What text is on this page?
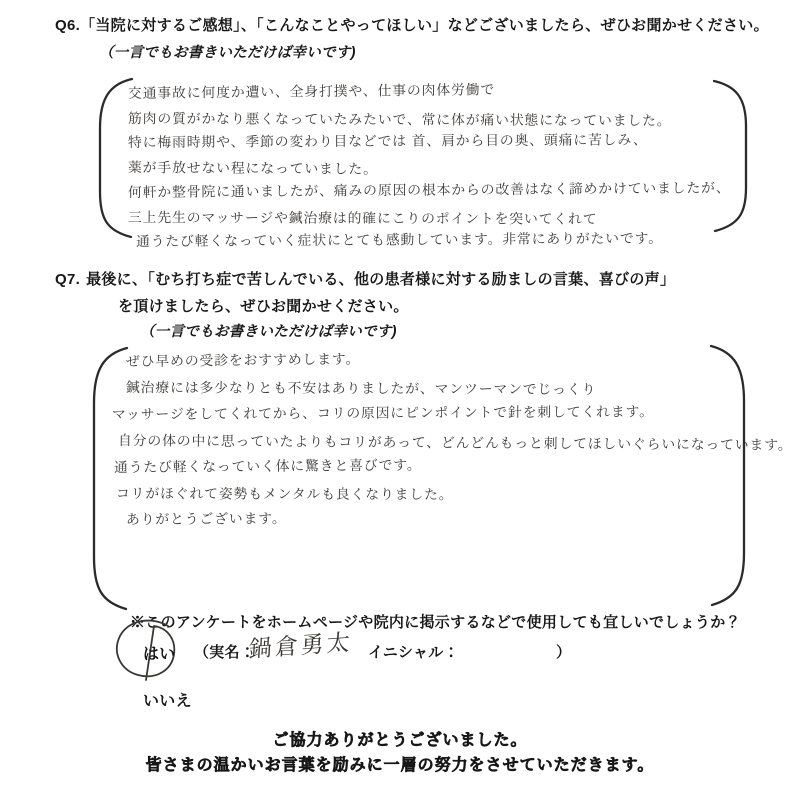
Q6.「当院に対するご感想」、「こんなことやってほしい」などございましたら、ぜひお聞かせください。
（一言でもお書きいただけば幸いです)
交通事故に何度か遭い、全身打撲や、仕事の肉体労働で
筋肉の質がかなり悪くなっていたみたいで、常に体が痛い状態になっていました。
特に梅雨時期や、季節の変わり目などでは 首、肩から目の奥、頭痛に苦しみ、
薬が手放せない程になっていました。
何軒か整骨院に通いましたが、痛みの原因の根本からの改善はなく諦めかけていましたが、
三上先生のマッサージや鍼治療は的確にこりのポイントを突いてくれて
通うたび軽くなっていく症状にとても感動しています。非常にありがたいです。
Q7. 最後に、「むち打ち症で苦しんでいる、他の患者様に対する励ましの言葉、喜びの声」
を頂けましたら、ぜひお聞かせください。
（一言でもお書きいただけば幸いです)
ぜひ早めの受診をおすすめします。
鍼治療には多少なりとも不安はありましたが、マンツーマンでじっくり
マッサージをしてくれてから、コリの原因にピンポイントで針を刺してくれます。
自分の体の中に思っていたよりもコリがあって、どんどんもっと刺してほしいぐらいになっています。
通うたび軽くなっていく体に驚きと喜びです。
コリがほぐれて姿勢もメンタルも良くなりました。
ありがとうございます。
※このアンケートをホームページや院内に掲示するなどで使用しても宜しいでしょうか？
はい （実名：
鍋倉勇太 イニシャル：	）
いいえ
ご協力ありがとうございました。
皆さまの温かいお言葉を励みに一層の努力をさせていただきます。
